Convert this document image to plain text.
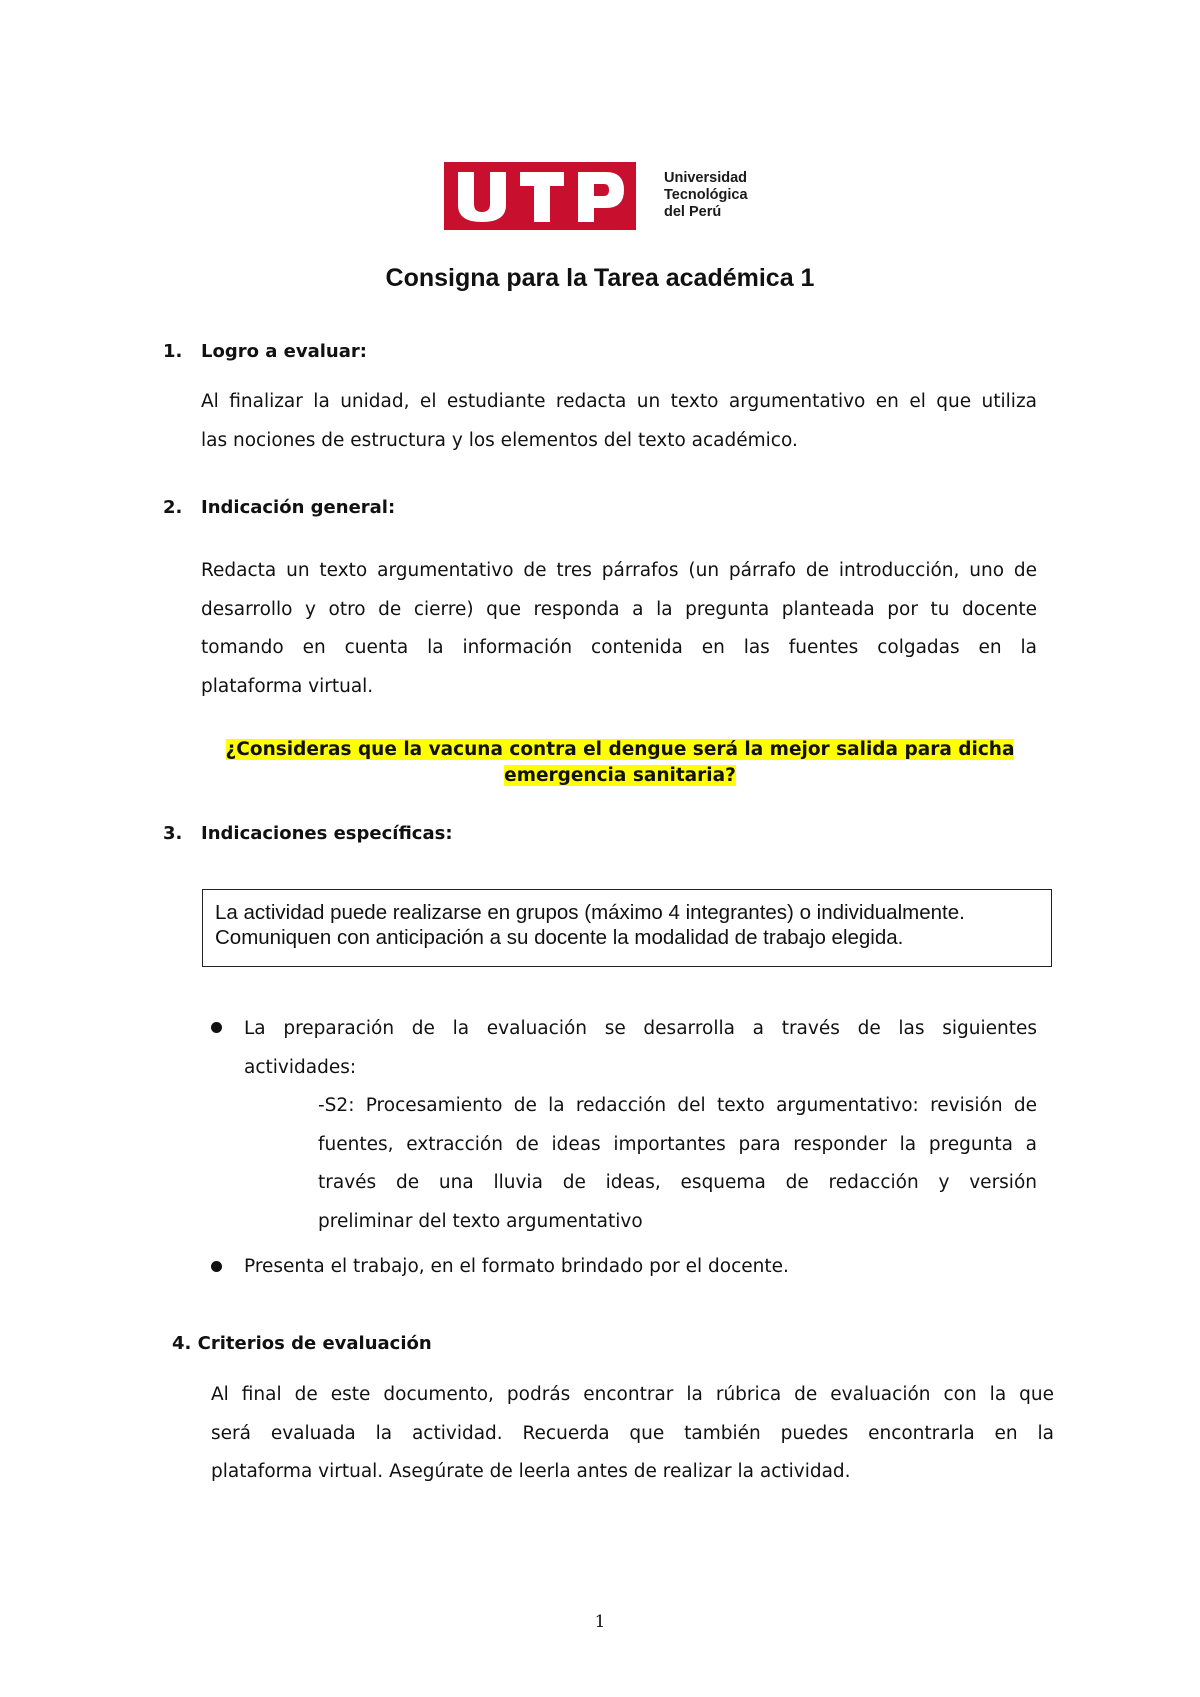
Universidad
Tecnológica
del Perú
Consigna para la Tarea académica 1
1. Logro a evaluar:
Al finalizar la unidad, el estudiante redacta un texto argumentativo en el que utiliza
las nociones de estructura y los elementos del texto académico.
2. Indicación general:
Redacta un texto argumentativo de tres párrafos (un párrafo de introducción, uno de
desarrollo y otro de cierre) que responda a la pregunta planteada por tu docente
tomando en cuenta la información contenida en las fuentes colgadas en la
plataforma virtual.
¿Consideras que la vacuna contra el dengue será la mejor salida para dicha
emergencia sanitaria?
3. Indicaciones específicas:
La actividad puede realizarse en grupos (máximo 4 integrantes) o individualmente.
Comuniquen con anticipación a su docente la modalidad de trabajo elegida.
La preparación de la evaluación se desarrolla a través de las siguientes
actividades:
-S2: Procesamiento de la redacción del texto argumentativo: revisión de
fuentes, extracción de ideas importantes para responder la pregunta a
través de una lluvia de ideas, esquema de redacción y versión
preliminar del texto argumentativo
Presenta el trabajo, en el formato brindado por el docente.
4. Criterios de evaluación
Al final de este documento, podrás encontrar la rúbrica de evaluación con la que
será evaluada la actividad. Recuerda que también puedes encontrarla en la
plataforma virtual. Asegúrate de leerla antes de realizar la actividad.
1
